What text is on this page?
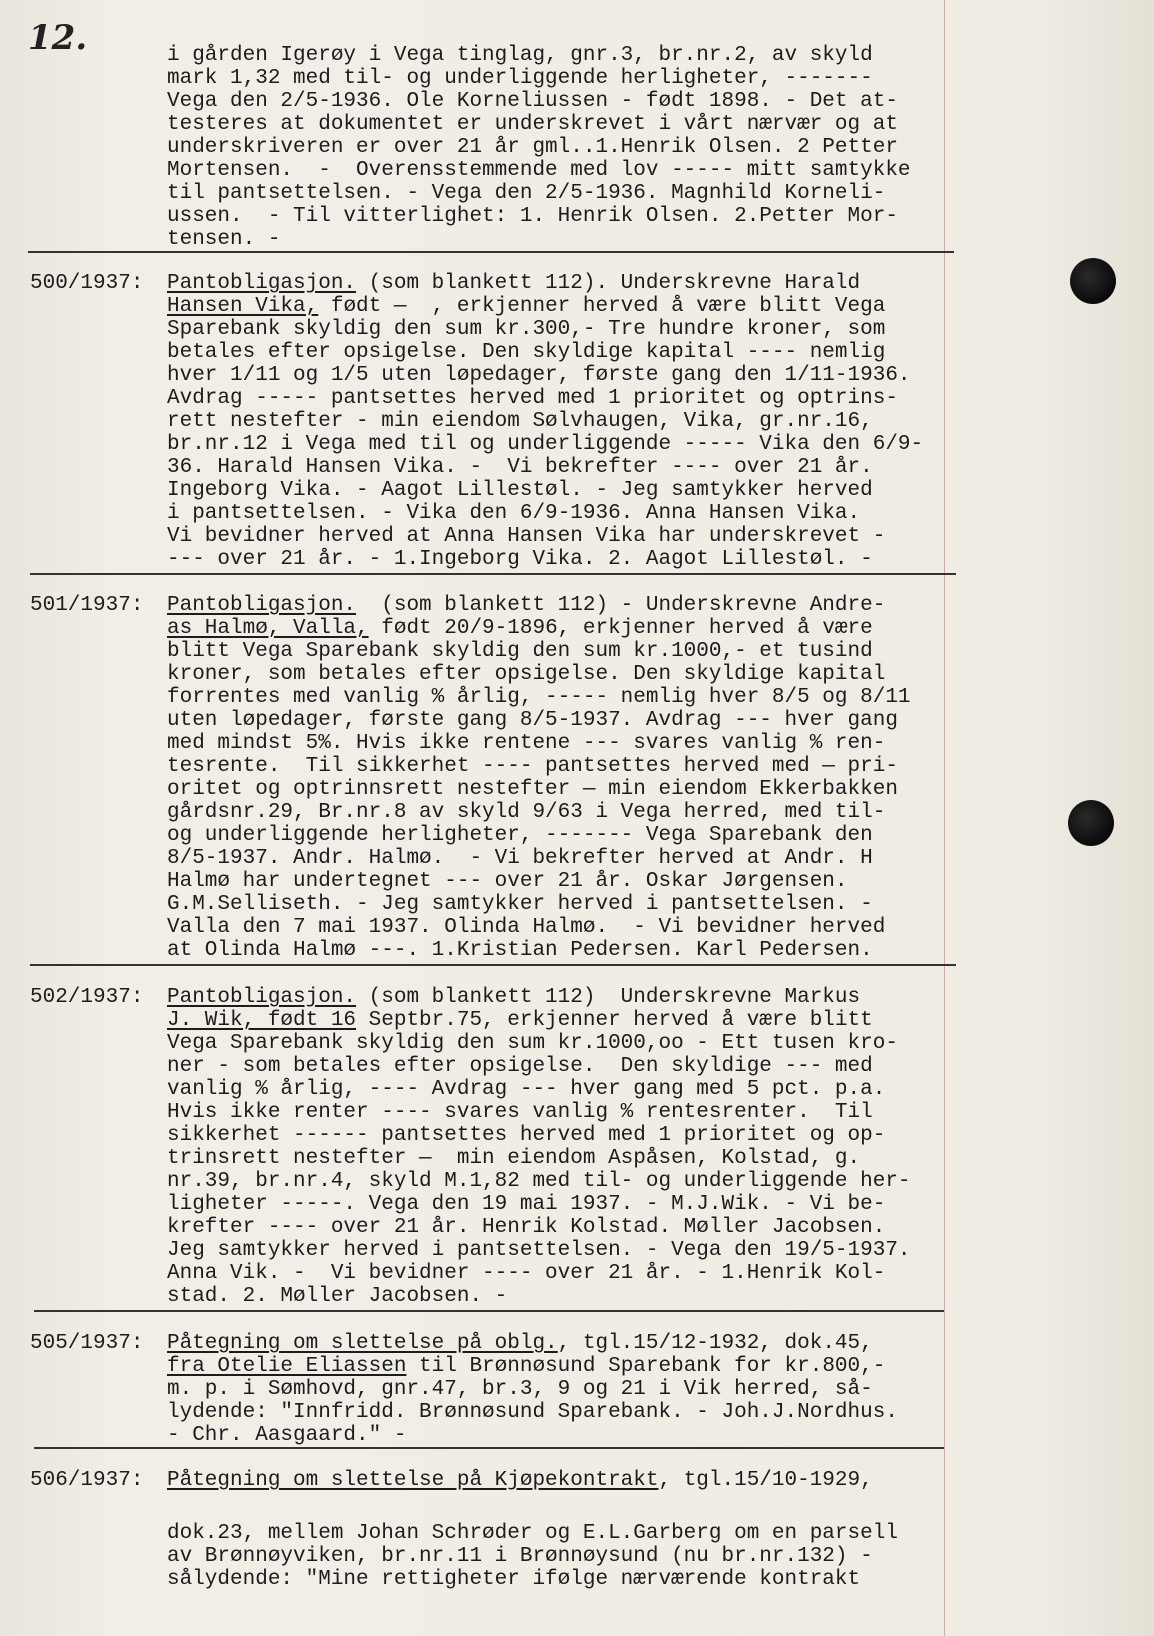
12.	i gården Igerøy i Vega tinglag, gnr.3, br.nr.2, av skyld
mark 1,32 med til- og underliggende herligheter, -------
Vega den 2/5-1936. Ole Korneliussen - født 1898. - Det at-
testeres at dokumentet er underskrevet i vårt nærvær og at
underskriveren er over 21 år gml..1.Henrik Olsen. 2 Petter
Mortensen.  -  Overensstemmende med lov ----- mitt samtykke
til pantsettelsen. - Vega den 2/5-1936. Magnhild Korneli-
ussen.  - Til vitterlighet: 1. Henrik Olsen. 2.Petter Mor-
tensen. -
500/1937: Pantobligasjon. (som blankett 112). Underskrevne Harald
Hansen Vika, født —  , erkjenner herved å være blitt Vega
Sparebank skyldig den sum kr.300,- Tre hundre kroner, som
betales efter opsigelse. Den skyldige kapital ---- nemlig
hver 1/11 og 1/5 uten løpedager, første gang den 1/11-1936.
Avdrag ----- pantsettes herved med 1 prioritet og optrins-
rett nestefter - min eiendom Sølvhaugen, Vika, gr.nr.16,
br.nr.12 i Vega med til og underliggende ----- Vika den 6/9-
36. Harald Hansen Vika. -  Vi bekrefter ---- over 21 år.
Ingeborg Vika. - Aagot Lillestøl. - Jeg samtykker herved
i pantsettelsen. - Vika den 6/9-1936. Anna Hansen Vika.
Vi bevidner herved at Anna Hansen Vika har underskrevet -
--- over 21 år. - 1.Ingeborg Vika. 2. Aagot Lillestøl. -
501/1937: Pantobligasjon.  (som blankett 112) - Underskrevne Andre-
as Halmø, Valla, født 20/9-1896, erkjenner herved å være
blitt Vega Sparebank skyldig den sum kr.1000,- et tusind
kroner, som betales efter opsigelse. Den skyldige kapital
forrentes med vanlig % årlig, ----- nemlig hver 8/5 og 8/11
uten løpedager, første gang 8/5-1937. Avdrag --- hver gang
med mindst 5%. Hvis ikke rentene --- svares vanlig % ren-
tesrente.  Til sikkerhet ---- pantsettes herved med — pri-
oritet og optrinnsrett nestefter — min eiendom Ekkerbakken
gårdsnr.29, Br.nr.8 av skyld 9/63 i Vega herred, med til-
og underliggende herligheter, ------- Vega Sparebank den
8/5-1937. Andr. Halmø.  - Vi bekrefter herved at Andr. H
Halmø har undertegnet --- over 21 år. Oskar Jørgensen.
G.M.Selliseth. - Jeg samtykker herved i pantsettelsen. -
Valla den 7 mai 1937. Olinda Halmø.  - Vi bevidner herved
at Olinda Halmø ---. 1.Kristian Pedersen. Karl Pedersen.
502/1937: Pantobligasjon. (som blankett 112)  Underskrevne Markus
J. Wik, født 16 Septbr.75, erkjenner herved å være blitt
Vega Sparebank skyldig den sum kr.1000,oo - Ett tusen kro-
ner - som betales efter opsigelse.  Den skyldige --- med
vanlig % årlig, ---- Avdrag --- hver gang med 5 pct. p.a.
Hvis ikke renter ---- svares vanlig % rentesrenter.  Til
sikkerhet ------ pantsettes herved med 1 prioritet og op-
trinsrett nestefter —  min eiendom Aspåsen, Kolstad, g.
nr.39, br.nr.4, skyld M.1,82 med til- og underliggende her-
ligheter -----. Vega den 19 mai 1937. - M.J.Wik. - Vi be-
krefter ---- over 21 år. Henrik Kolstad. Møller Jacobsen.
Jeg samtykker herved i pantsettelsen. - Vega den 19/5-1937.
Anna Vik. -  Vi bevidner ---- over 21 år. - 1.Henrik Kol-
stad. 2. Møller Jacobsen. -
505/1937: Påtegning om slettelse på oblg., tgl.15/12-1932, dok.45,
fra Otelie Eliassen til Brønnøsund Sparebank for kr.800,-
m. p. i Sømhovd, gnr.47, br.3, 9 og 21 i Vik herred, så-
lydende: "Innfridd. Brønnøsund Sparebank. - Joh.J.Nordhus.
- Chr. Aasgaard." -
506/1937: Påtegning om slettelse på Kjøpekontrakt, tgl.15/10-1929,
dok.23, mellem Johan Schrøder og E.L.Garberg om en parsell
av Brønnøyviken, br.nr.11 i Brønnøysund (nu br.nr.132) -
sålydende: "Mine rettigheter ifølge nærværende kontrakt
